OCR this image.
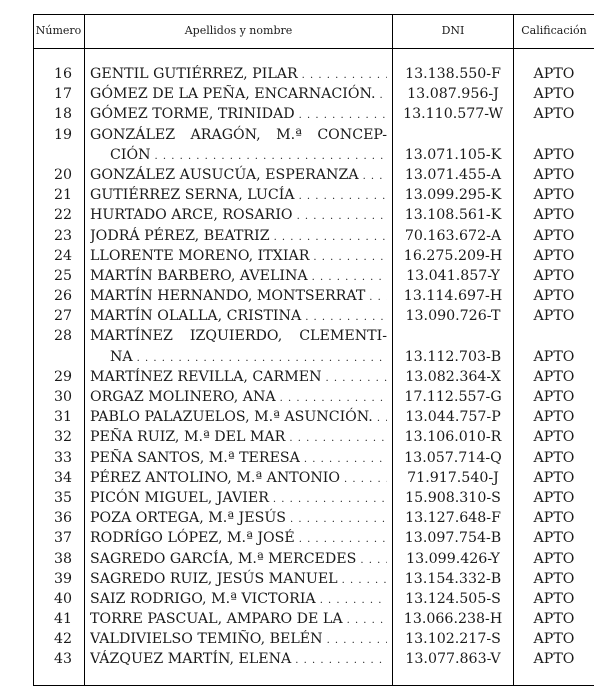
Número	Apellidos y nombre	DNI	Calificación
16	GENTIL GUTIÉRREZ, PILAR . . .	13.138.550-F	APTO
17	GÓMEZ DE LA PEÑA, ENCARNACIÓN. . . .	13.087.956-J	APTO
18	GÓMEZ TORME, TRINIDAD . . .	13.110.577-W	APTO
19	GONZÁLEZ ARAGÓN, M.ª CONCEP-
CIÓN . . .	13.071.105-K	APTO
20	GONZÁLEZ AUSUCÚA, ESPERANZA . . .	13.071.455-A	APTO
21	GUTIÉRREZ SERNA, LUCÍA . . .	13.099.295-K	APTO
22	HURTADO ARCE, ROSARIO . . .	13.108.561-K	APTO
23	JODRÁ PÉREZ, BEATRIZ . . .	70.163.672-A	APTO
24	LLORENTE MORENO, ITXIAR . . .	16.275.209-H	APTO
25	MARTÍN BARBERO, AVELINA . . .	13.041.857-Y	APTO
26	MARTÍN HERNANDO, MONTSERRAT . . .	13.114.697-H	APTO
27	MARTÍN OLALLA, CRISTINA . . .	13.090.726-T	APTO
28	MARTÍNEZ IZQUIERDO, CLEMENTI-
NA . . .	13.112.703-B	APTO
29	MARTÍNEZ REVILLA, CARMEN . . .	13.082.364-X	APTO
30	ORGAZ MOLINERO, ANA . . .	17.112.557-G	APTO
31	PABLO PALAZUELOS, M.ª ASUNCIÓN. . . .	13.044.757-P	APTO
32	PEÑA RUIZ, M.ª DEL MAR . . .	13.106.010-R	APTO
33	PEÑA SANTOS, M.ª TERESA . . .	13.057.714-Q	APTO
34	PÉREZ ANTOLINO, M.ª ANTONIO . . .	71.917.540-J	APTO
35	PICÓN MIGUEL, JAVIER . . .	15.908.310-S	APTO
36	POZA ORTEGA, M.ª JESÚS . . .	13.127.648-F	APTO
37	RODRÍGO LÓPEZ, M.ª JOSÉ . . .	13.097.754-B	APTO
38	SAGREDO GARCÍA, M.ª MERCEDES . . .	13.099.426-Y	APTO
39	SAGREDO RUIZ, JESÚS MANUEL . . .	13.154.332-B	APTO
40	SAIZ RODRIGO, M.ª VICTORIA . . .	13.124.505-S	APTO
41	TORRE PASCUAL, AMPARO DE LA . . .	13.066.238-H	APTO
42	VALDIVIELSO TEMIÑO, BELÉN . . .	13.102.217-S	APTO
43	VÁZQUEZ MARTÍN, ELENA . . .	13.077.863-V	APTO
